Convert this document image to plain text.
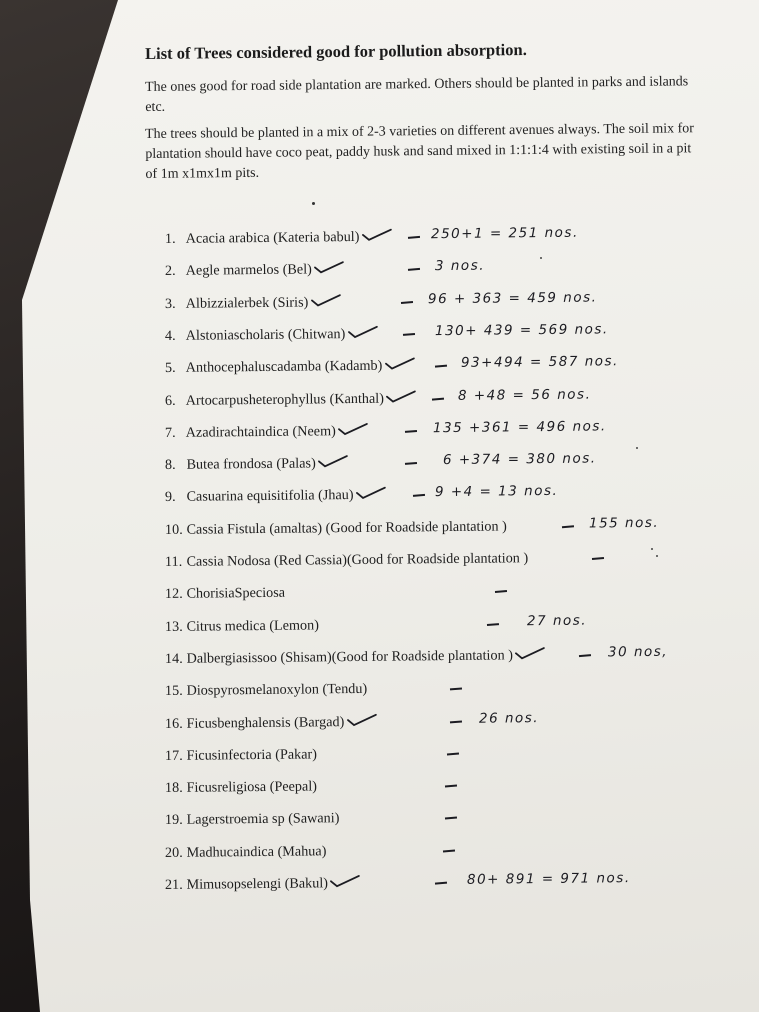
List of Trees considered good for pollution absorption.

The ones good for road side plantation are marked. Others should be planted in parks and islands etc.

The trees should be planted in a mix of 2-3 varieties on different avenues always. The soil mix for plantation should have coco peat, paddy husk and sand mixed in 1:1:1:4 with existing soil in a pit of 1m x1mx1m pits.

1. Acacia arabica (Kateria babul)	250+1 = 251 nos.
2. Aegle marmelos (Bel)	3 nos.
3. Albizzialerbek (Siris)	96 + 363 = 459 nos.
4. Alstoniascholaris (Chitwan)	130+ 439 = 569 nos.
5. Anthocephaluscadamba (Kadamb)	93+494 = 587 nos.
6. Artocarpusheterophyllus (Kanthal)	8 +48 = 56 nos.
7. Azadirachtaindica (Neem)	135 +361 = 496 nos.
8. Butea frondosa (Palas)	6 +374 = 380 nos.
9. Casuarina equisitifolia (Jhau)	9 +4 = 13 nos.
10. Cassia Fistula (amaltas) (Good for Roadside plantation )	155 nos.
11. Cassia Nodosa (Red Cassia)(Good for Roadside plantation )
12. ChorisiaSpeciosa
13. Citrus medica (Lemon)	27 nos.
14. Dalbergiasissoo (Shisam)(Good for Roadside plantation )	30 nos,
15. Diospyrosmelanoxylon (Tendu)
16. Ficusbenghalensis (Bargad)	26 nos.
17. Ficusinfectoria (Pakar)
18. Ficusreligiosa (Peepal)
19. Lagerstroemia sp (Sawani)
20. Madhucaindica (Mahua)
21. Mimusopselengi (Bakul)	80+ 891 = 971 nos.
